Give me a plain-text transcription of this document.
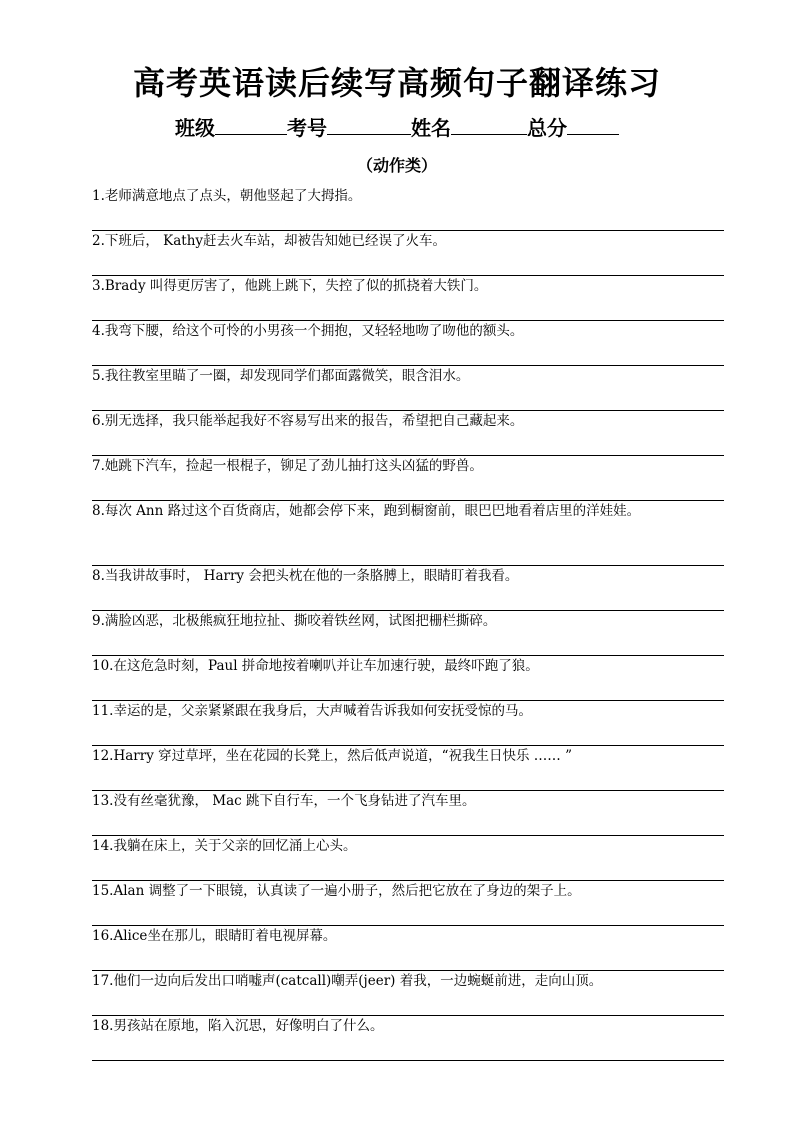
高考英语读后续写高频句子翻译练习
班级	考号	姓名	总分
（动作类）
1.老师满意地点了点头，朝他竖起了大拇指。
2.下班后， Kathy赶去火车站，却被告知她已经误了火车。
3.Brady 叫得更厉害了，他跳上跳下，失控了似的抓挠着大铁门。
4.我弯下腰，给这个可怜的小男孩一个拥抱，又轻轻地吻了吻他的额头。
5.我往教室里瞄了一圈，却发现同学们都面露微笑，眼含泪水。
6.别无选择，我只能举起我好不容易写出来的报告，希望把自己藏起来。
7.她跳下汽车，捡起一根棍子，铆足了劲儿抽打这头凶猛的野兽。
8.每次 Ann 路过这个百货商店，她都会停下来，跑到橱窗前，眼巴巴地看着店里的洋娃娃。
8.当我讲故事时， Harry 会把头枕在他的一条胳膊上，眼睛盯着我看。
9.满脸凶恶，北极熊疯狂地拉扯、撕咬着铁丝网，试图把栅栏撕碎。
10.在这危急时刻，Paul 拼命地按着喇叭并让车加速行驶，最终吓跑了狼。
11.幸运的是，父亲紧紧跟在我身后，大声喊着告诉我如何安抚受惊的马。
12.Harry 穿过草坪，坐在花园的长凳上，然后低声说道，“祝我生日快乐 …… ”
13.没有丝毫犹豫， Mac 跳下自行车，一个飞身钻进了汽车里。
14.我躺在床上，关于父亲的回忆涌上心头。
15.Alan 调整了一下眼镜，认真读了一遍小册子，然后把它放在了身边的架子上。
16.Alice坐在那儿，眼睛盯着电视屏幕。
17.他们一边向后发出口哨嘘声(catcall)嘲弄(jeer) 着我，一边蜿蜒前进，走向山顶。
18.男孩站在原地，陷入沉思，好像明白了什么。
